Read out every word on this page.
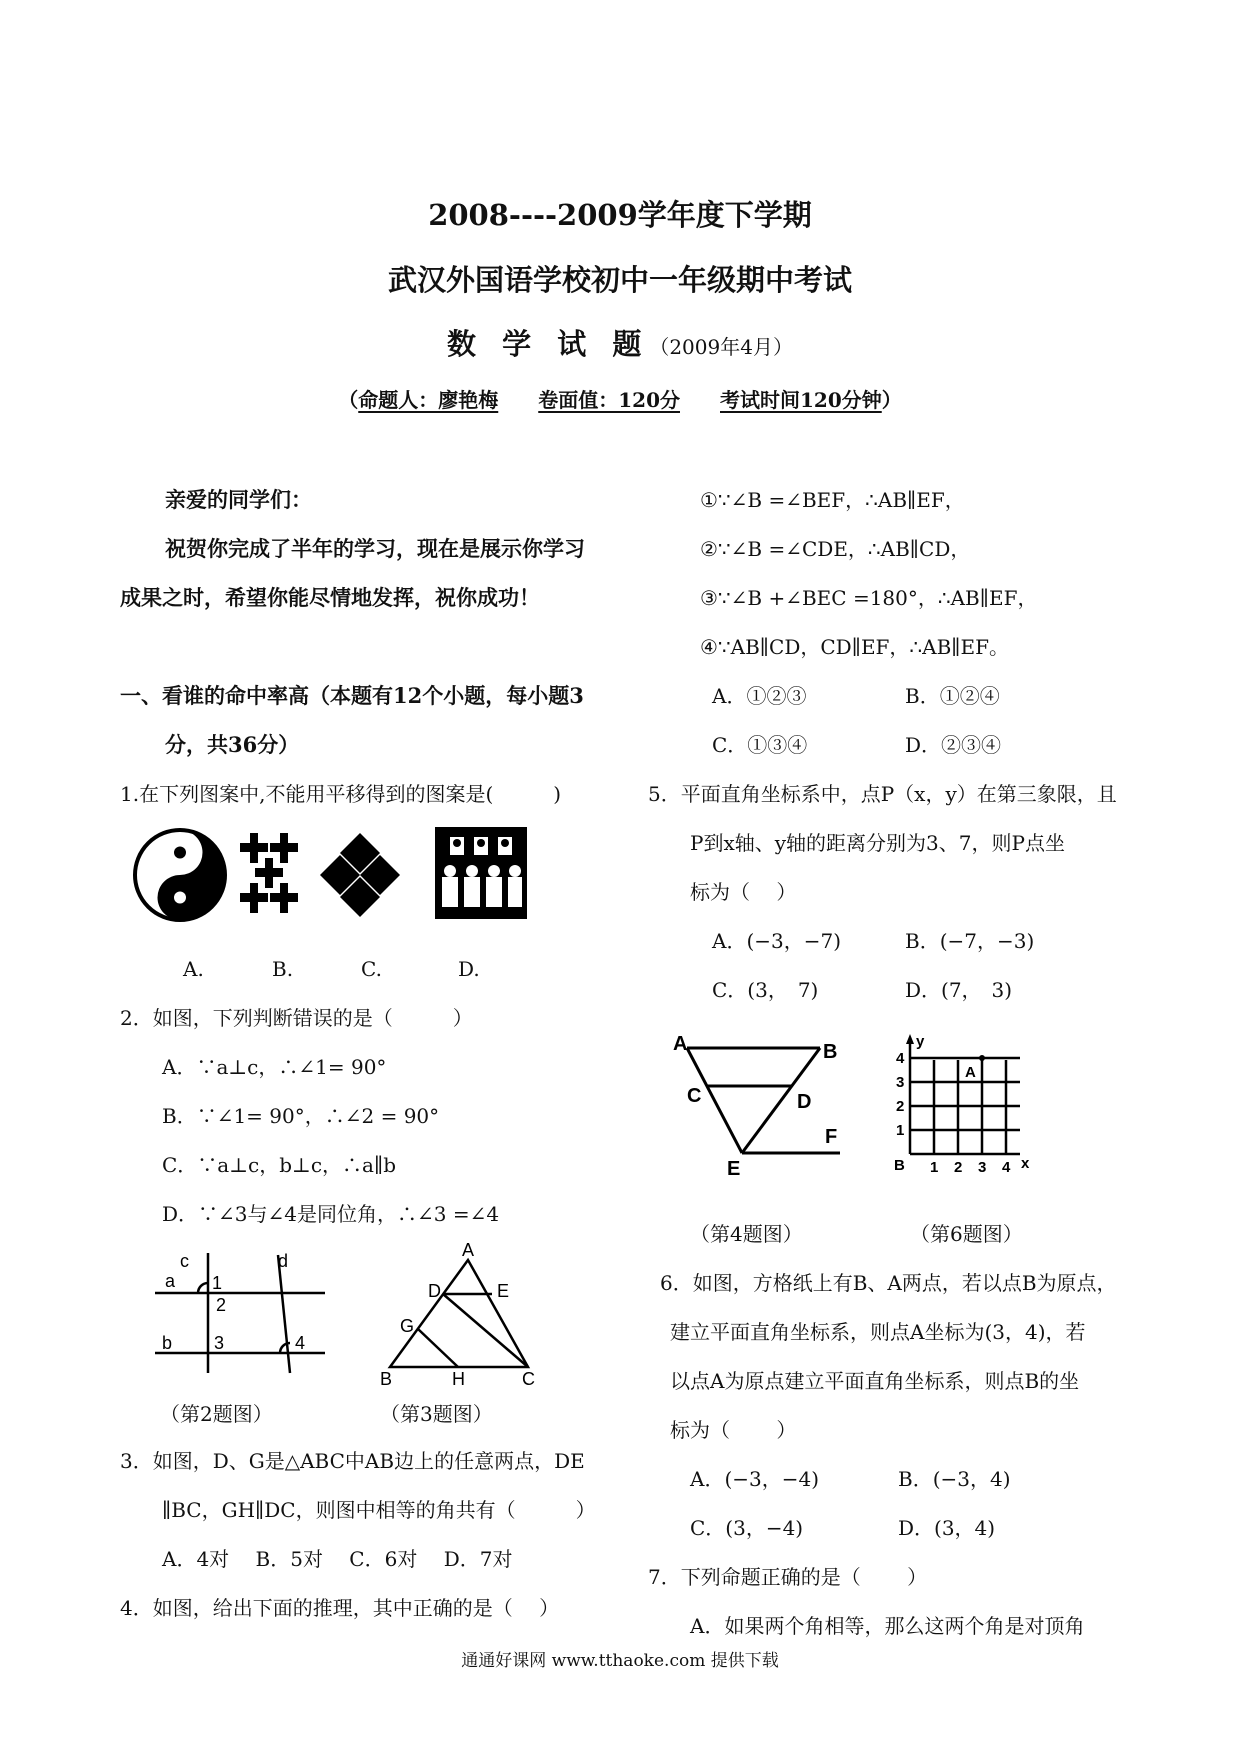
2008----2009学年度下学期
武汉外国语学校初中一年级期中考试
数 学 试 题（2009年4月）
（命题人：廖艳梅　　 卷面值：120分　　 考试时间120分钟）
亲爱的同学们：
祝贺你完成了半年的学习，现在是展示你学习
成果之时，希望你能尽情地发挥，祝你成功！
一、看谁的命中率高（本题有12个小题，每小题3
分，共36分）
1.在下列图案中,不能用平移得到的图案是(　　　)
A.	B.	C.	D.
2．如图，下列判断错误的是（　　　）
A．∵a⊥c，∴∠1= 90°
B．∵∠1= 90°，∴∠2 = 90°
C．∵a⊥c，b⊥c，∴a∥b
D．∵∠3与∠4是同位角，∴∠3 =∠4
c	d
a
b
1
2
3	4
A
B	C
D	E
G
H
（第2题图）	（第3题图）
3．如图，D、G是△ABC中AB边上的任意两点，DE
∥BC，GH∥DC，则图中相等的角共有（　　　）
A．4对　 B．5对　 C．6对　 D．7对
4．如图，给出下面的推理，其中正确的是（　 ）
①∵∠B =∠BEF，∴AB∥EF，
②∵∠B =∠CDE，∴AB∥CD，
③∵∠B +∠BEC =180°，∴AB∥EF，
④∵AB∥CD，CD∥EF，∴AB∥EF。
A．①②③	B．①②④
C．①③④	D．②③④
5．平面直角坐标系中，点P（x，y）在第三象限，且
P到x轴、y轴的距离分别为3、7，则P点坐
标为（　 ）
A．(−3，−7)	B．(−7，−3)
C．(3，　7)	D．(7，　3)
A	B
C	D
E
F
y
x
B
A
1 2 3 4
1
2
3
4
（第4题图）	（第6题图）
6．如图，方格纸上有B、A两点，若以点B为原点，
建立平面直角坐标系，则点A坐标为(3，4)，若
以点A为原点建立平面直角坐标系，则点B的坐
标为（　　 ）
A．(−3，−4)	B．(−3，4)
C．(3，−4)	D．(3，4)
7．下列命题正确的是（　　 ）
A．如果两个角相等，那么这两个角是对顶角
通通好课网 www.tthaoke.com 提供下载
